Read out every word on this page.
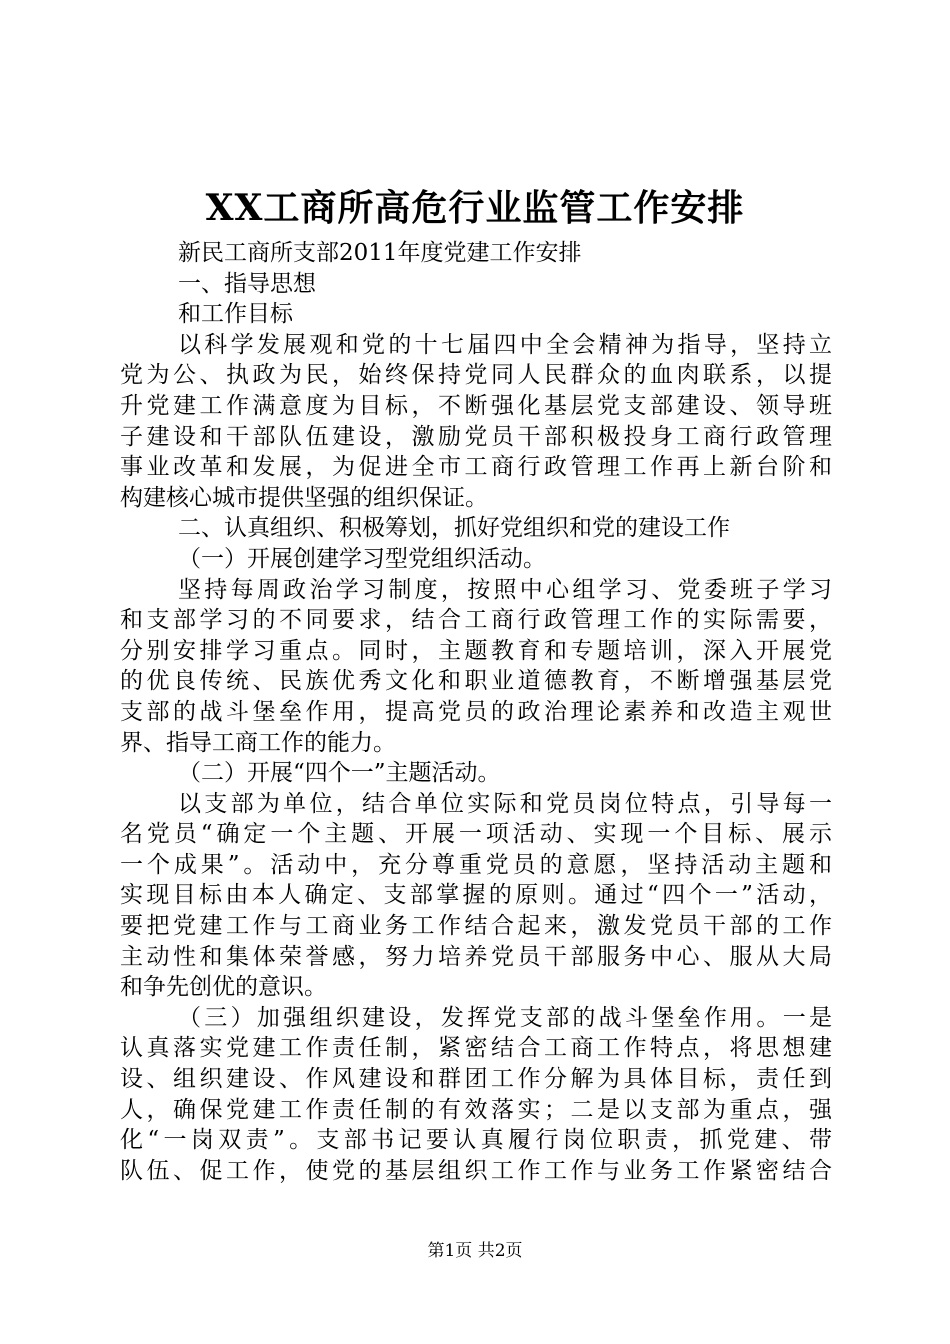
XX工商所高危行业监管工作安排
新民工商所支部2011年度党建工作安排
一、指导思想
和工作目标
以科学发展观和党的十七届四中全会精神为指导，坚持立
党为公、执政为民，始终保持党同人民群众的血肉联系，以提
升党建工作满意度为目标，不断强化基层党支部建设、领导班
子建设和干部队伍建设，激励党员干部积极投身工商行政管理
事业改革和发展，为促进全市工商行政管理工作再上新台阶和
构建核心城市提供坚强的组织保证。
二、认真组织、积极筹划，抓好党组织和党的建设工作
（一）开展创建学习型党组织活动。
坚持每周政治学习制度，按照中心组学习、党委班子学习
和支部学习的不同要求，结合工商行政管理工作的实际需要，
分别安排学习重点。同时，主题教育和专题培训，深入开展党
的优良传统、民族优秀文化和职业道德教育，不断增强基层党
支部的战斗堡垒作用，提高党员的政治理论素养和改造主观世
界、指导工商工作的能力。
（二）开展“四个一”主题活动。
以支部为单位，结合单位实际和党员岗位特点，引导每一
名党员“确定一个主题、开展一项活动、实现一个目标、展示
一个成果”。活动中，充分尊重党员的意愿，坚持活动主题和
实现目标由本人确定、支部掌握的原则。通过“四个一”活动，
要把党建工作与工商业务工作结合起来，激发党员干部的工作
主动性和集体荣誉感，努力培养党员干部服务中心、服从大局
和争先创优的意识。
（三）加强组织建设，发挥党支部的战斗堡垒作用。一是
认真落实党建工作责任制，紧密结合工商工作特点，将思想建
设、组织建设、作风建设和群团工作分解为具体目标，责任到
人，确保党建工作责任制的有效落实；二是以支部为重点，强
化“一岗双责”。支部书记要认真履行岗位职责，抓党建、带
队伍、促工作，使党的基层组织工作工作与业务工作紧密结合
第1页 共2页
